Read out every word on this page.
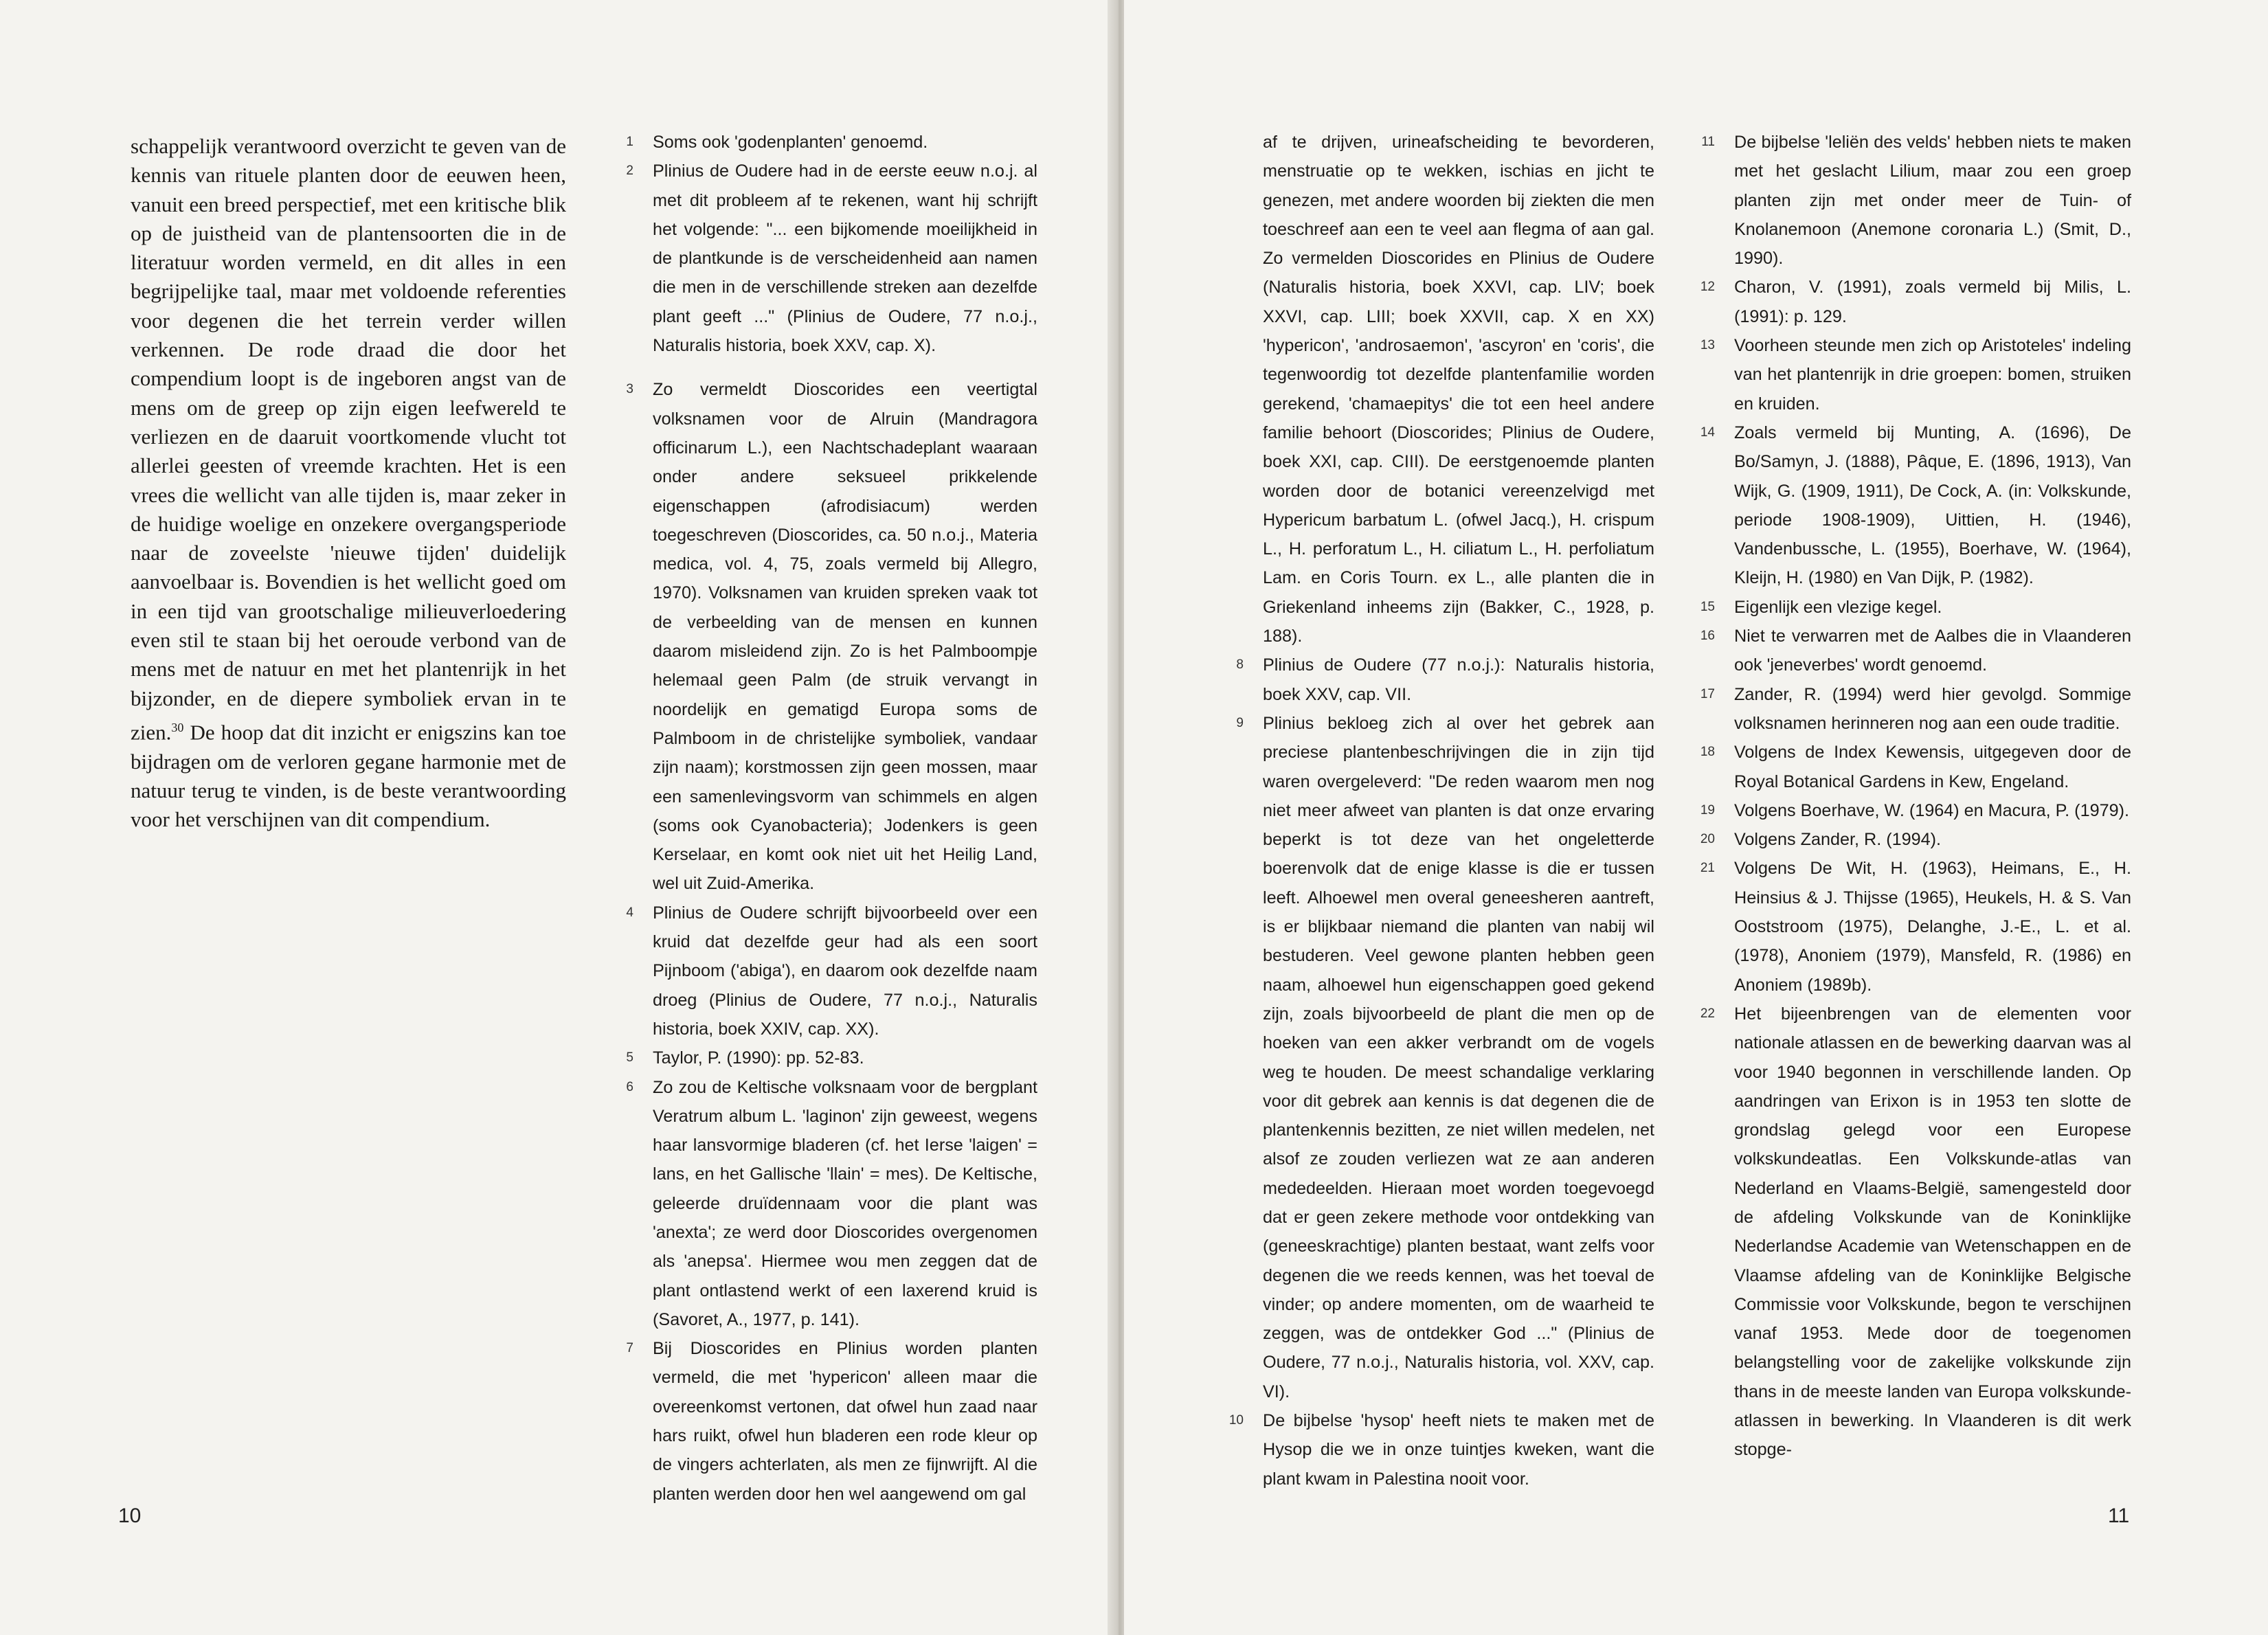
schappelijk verantwoord overzicht te geven van de kennis van rituele planten door de eeuwen heen, vanuit een breed perspectief, met een kritische blik op de juistheid van de plantensoorten die in de literatuur worden vermeld, en dit alles in een begrijpelijke taal, maar met voldoende referenties voor degenen die het terrein verder willen verkennen. De rode draad die door het compendium loopt is de ingeboren angst van de mens om de greep op zijn eigen leefwereld te verliezen en de daaruit voortkomende vlucht tot allerlei geesten of vreemde krachten. Het is een vrees die wellicht van alle tijden is, maar zeker in de huidige woelige en onzekere overgangsperiode naar de zoveelste 'nieuwe tijden' duidelijk aanvoelbaar is. Bovendien is het wellicht goed om in een tijd van grootschalige milieuverloedering even stil te staan bij het oeroude verbond van de mens met de natuur en met het plantenrijk in het bijzonder, en de diepere symboliek ervan in te zien.$^{30}$ De hoop dat dit inzicht er enigszins kan toe bijdragen om de verloren gegane harmonie met de natuur terug te vinden, is de beste verantwoording voor het verschijnen van dit compendium.

1 Soms ook 'godenplanten' genoemd.
2 Plinius de Oudere had in de eerste eeuw n.o.j. al met dit probleem af te rekenen, want hij schrijft het volgende: "... een bijkomende moeilijkheid in de plantkunde is de verscheidenheid aan namen die men in de verschillende streken aan dezelfde plant geeft ..." (Plinius de Oudere, 77 n.o.j., Naturalis historia, boek XXV, cap. X).
3 Zo vermeldt Dioscorides een veertigtal volksnamen voor de Alruin (Mandragora officinarum L.), een Nachtschadeplant waaraan onder andere seksueel prikkelende eigenschappen (afrodisiacum) werden toegeschreven (Dioscorides, ca. 50 n.o.j., Materia medica, vol. 4, 75, zoals vermeld bij Allegro, 1970). Volksnamen van kruiden spreken vaak tot de verbeelding van de mensen en kunnen daarom misleidend zijn. Zo is het Palmboompje helemaal geen Palm (de struik vervangt in noordelijk en gematigd Europa soms de Palmboom in de christelijke symboliek, vandaar zijn naam); korstmossen zijn geen mossen, maar een samenlevingsvorm van schimmels en algen (soms ook Cyanobacteria); Jodenkers is geen Kerselaar, en komt ook niet uit het Heilig Land, wel uit Zuid-Amerika.
4 Plinius de Oudere schrijft bijvoorbeeld over een kruid dat dezelfde geur had als een soort Pijnboom ('abiga'), en daarom ook dezelfde naam droeg (Plinius de Oudere, 77 n.o.j., Naturalis historia, boek XXIV, cap. XX).
5 Taylor, P. (1990): pp. 52-83.
6 Zo zou de Keltische volksnaam voor de bergplant Veratrum album L. 'laginon' zijn geweest, wegens haar lansvormige bladeren (cf. het Ierse 'laigen' = lans, en het Gallische 'llain' = mes). De Keltische, geleerde druïdennaam voor die plant was 'anexta'; ze werd door Dioscorides overgenomen als 'anepsa'. Hiermee wou men zeggen dat de plant ontlastend werkt of een laxerend kruid is (Savoret, A., 1977, p. 141).
7 Bij Dioscorides en Plinius worden planten vermeld, die met 'hypericon' alleen maar die overeenkomst vertonen, dat ofwel hun zaad naar hars ruikt, ofwel hun bladeren een rode kleur op de vingers achterlaten, als men ze fijnwrijft. Al die planten werden door hen wel aangewend om gal
10
af te drijven, urineafscheiding te bevorderen, menstruatie op te wekken, ischias en jicht te genezen, met andere woorden bij ziekten die men toeschreef aan een te veel aan flegma of aan gal. Zo vermelden Dioscorides en Plinius de Oudere (Naturalis historia, boek XXVI, cap. LIV; boek XXVI, cap. LIII; boek XXVII, cap. X en XX) 'hypericon', 'androsaemon', 'ascyron' en 'coris', die tegenwoordig tot dezelfde plantenfamilie worden gerekend, 'chamaepitys' die tot een heel andere familie behoort (Dioscorides; Plinius de Oudere, boek XXI, cap. CIII). De eerstgenoemde planten worden door de botanici vereenzelvigd met Hypericum barbatum L. (ofwel Jacq.), H. crispum L., H. perforatum L., H. ciliatum L., H. perfoliatum Lam. en Coris Tourn. ex L., alle planten die in Griekenland inheems zijn (Bakker, C., 1928, p. 188).
8 Plinius de Oudere (77 n.o.j.): Naturalis historia, boek XXV, cap. VII.
9 Plinius bekloeg zich al over het gebrek aan preciese plantenbeschrijvingen die in zijn tijd waren overgeleverd: "De reden waarom men nog niet meer afweet van planten is dat onze ervaring beperkt is tot deze van het ongeletterde boerenvolk dat de enige klasse is die er tussen leeft. Alhoewel men overal geneesheren aantreft, is er blijkbaar niemand die planten van nabij wil bestuderen. Veel gewone planten hebben geen naam, alhoewel hun eigenschappen goed gekend zijn, zoals bijvoorbeeld de plant die men op de hoeken van een akker verbrandt om de vogels weg te houden. De meest schandalige verklaring voor dit gebrek aan kennis is dat degenen die de plantenkennis bezitten, ze niet willen medelen, net alsof ze zouden verliezen wat ze aan anderen mededeelden. Hieraan moet worden toegevoegd dat er geen zekere methode voor ontdekking van (geneeskrachtige) planten bestaat, want zelfs voor degenen die we reeds kennen, was het toeval de vinder; op andere momenten, om de waarheid te zeggen, was de ontdekker God ..." (Plinius de Oudere, 77 n.o.j., Naturalis historia, vol. XXV, cap. VI).
10 De bijbelse 'hysop' heeft niets te maken met de Hysop die we in onze tuintjes kweken, want die plant kwam in Palestina nooit voor.
11 De bijbelse 'leliën des velds' hebben niets te maken met het geslacht Lilium, maar zou een groep planten zijn met onder meer de Tuin- of Knolanemoon (Anemone coronaria L.) (Smit, D., 1990).
12 Charon, V. (1991), zoals vermeld bij Milis, L. (1991): p. 129.
13 Voorheen steunde men zich op Aristoteles' indeling van het plantenrijk in drie groepen: bomen, struiken en kruiden.
14 Zoals vermeld bij Munting, A. (1696), De Bo/Samyn, J. (1888), Pâque, E. (1896, 1913), Van Wijk, G. (1909, 1911), De Cock, A. (in: Volkskunde, periode 1908-1909), Uittien, H. (1946), Vandenbussche, L. (1955), Boerhave, W. (1964), Kleijn, H. (1980) en Van Dijk, P. (1982).
15 Eigenlijk een vlezige kegel.
16 Niet te verwarren met de Aalbes die in Vlaanderen ook 'jeneverbes' wordt genoemd.
17 Zander, R. (1994) werd hier gevolgd. Sommige volksnamen herinneren nog aan een oude traditie.
18 Volgens de Index Kewensis, uitgegeven door de Royal Botanical Gardens in Kew, Engeland.
19 Volgens Boerhave, W. (1964) en Macura, P. (1979).
20 Volgens Zander, R. (1994).
21 Volgens De Wit, H. (1963), Heimans, E., H. Heinsius & J. Thijsse (1965), Heukels, H. & S. Van Ooststroom (1975), Delanghe, J.-E., L. et al. (1978), Anoniem (1979), Mansfeld, R. (1986) en Anoniem (1989b).
22 Het bijeenbrengen van de elementen voor nationale atlassen en de bewerking daarvan was al voor 1940 begonnen in verschillende landen. Op aandringen van Erixon is in 1953 ten slotte de grondslag gelegd voor een Europese volkskundeatlas. Een Volkskunde-atlas van Nederland en Vlaams-België, samengesteld door de afdeling Volkskunde van de Koninklijke Nederlandse Academie van Wetenschappen en de Vlaamse afdeling van de Koninklijke Belgische Commissie voor Volkskunde, begon te verschijnen vanaf 1953. Mede door de toegenomen belangstelling voor de zakelijke volkskunde zijn thans in de meeste landen van Europa volkskunde-atlassen in bewerking. In Vlaanderen is dit werk stopge-
11
